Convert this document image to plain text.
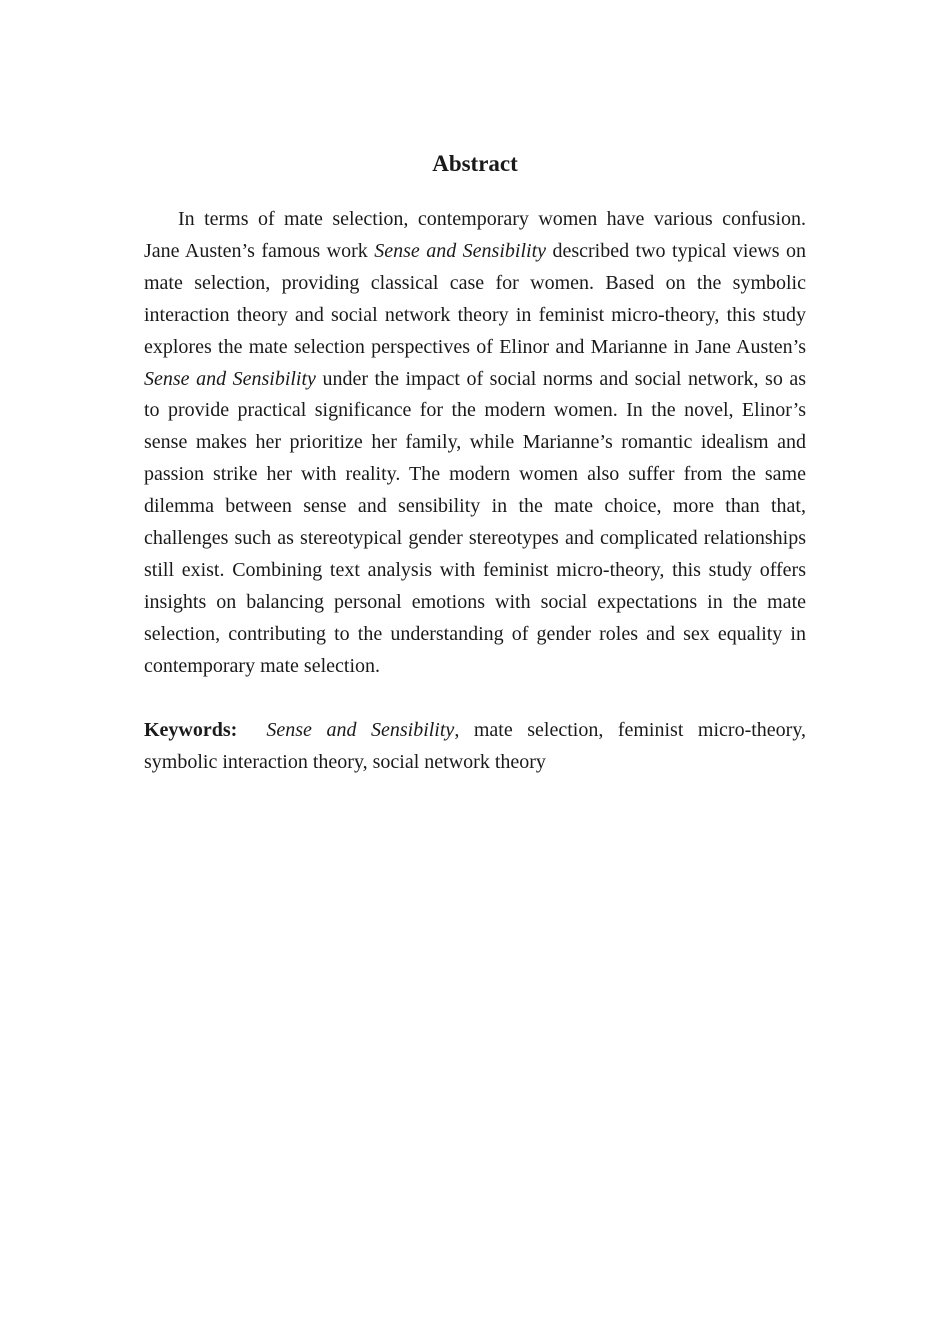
Abstract

In terms of mate selection, contemporary women have various confusion. Jane Austen’s famous work Sense and Sensibility described two typical views on mate selection, providing classical case for women. Based on the symbolic interaction theory and social network theory in feminist micro-theory, this study explores the mate selection perspectives of Elinor and Marianne in Jane Austen’s Sense and Sensibility under the impact of social norms and social network, so as to provide practical significance for the modern women. In the novel, Elinor’s sense makes her prioritize her family, while Marianne’s romantic idealism and passion strike her with reality. The modern women also suffer from the same dilemma between sense and sensibility in the mate choice, more than that, challenges such as stereotypical gender stereotypes and complicated relationships still exist. Combining text analysis with feminist micro-theory, this study offers insights on balancing personal emotions with social expectations in the mate selection, contributing to the understanding of gender roles and sex equality in contemporary mate selection.

Keywords: Sense and Sensibility, mate selection, feminist micro-theory, symbolic interaction theory, social network theory
